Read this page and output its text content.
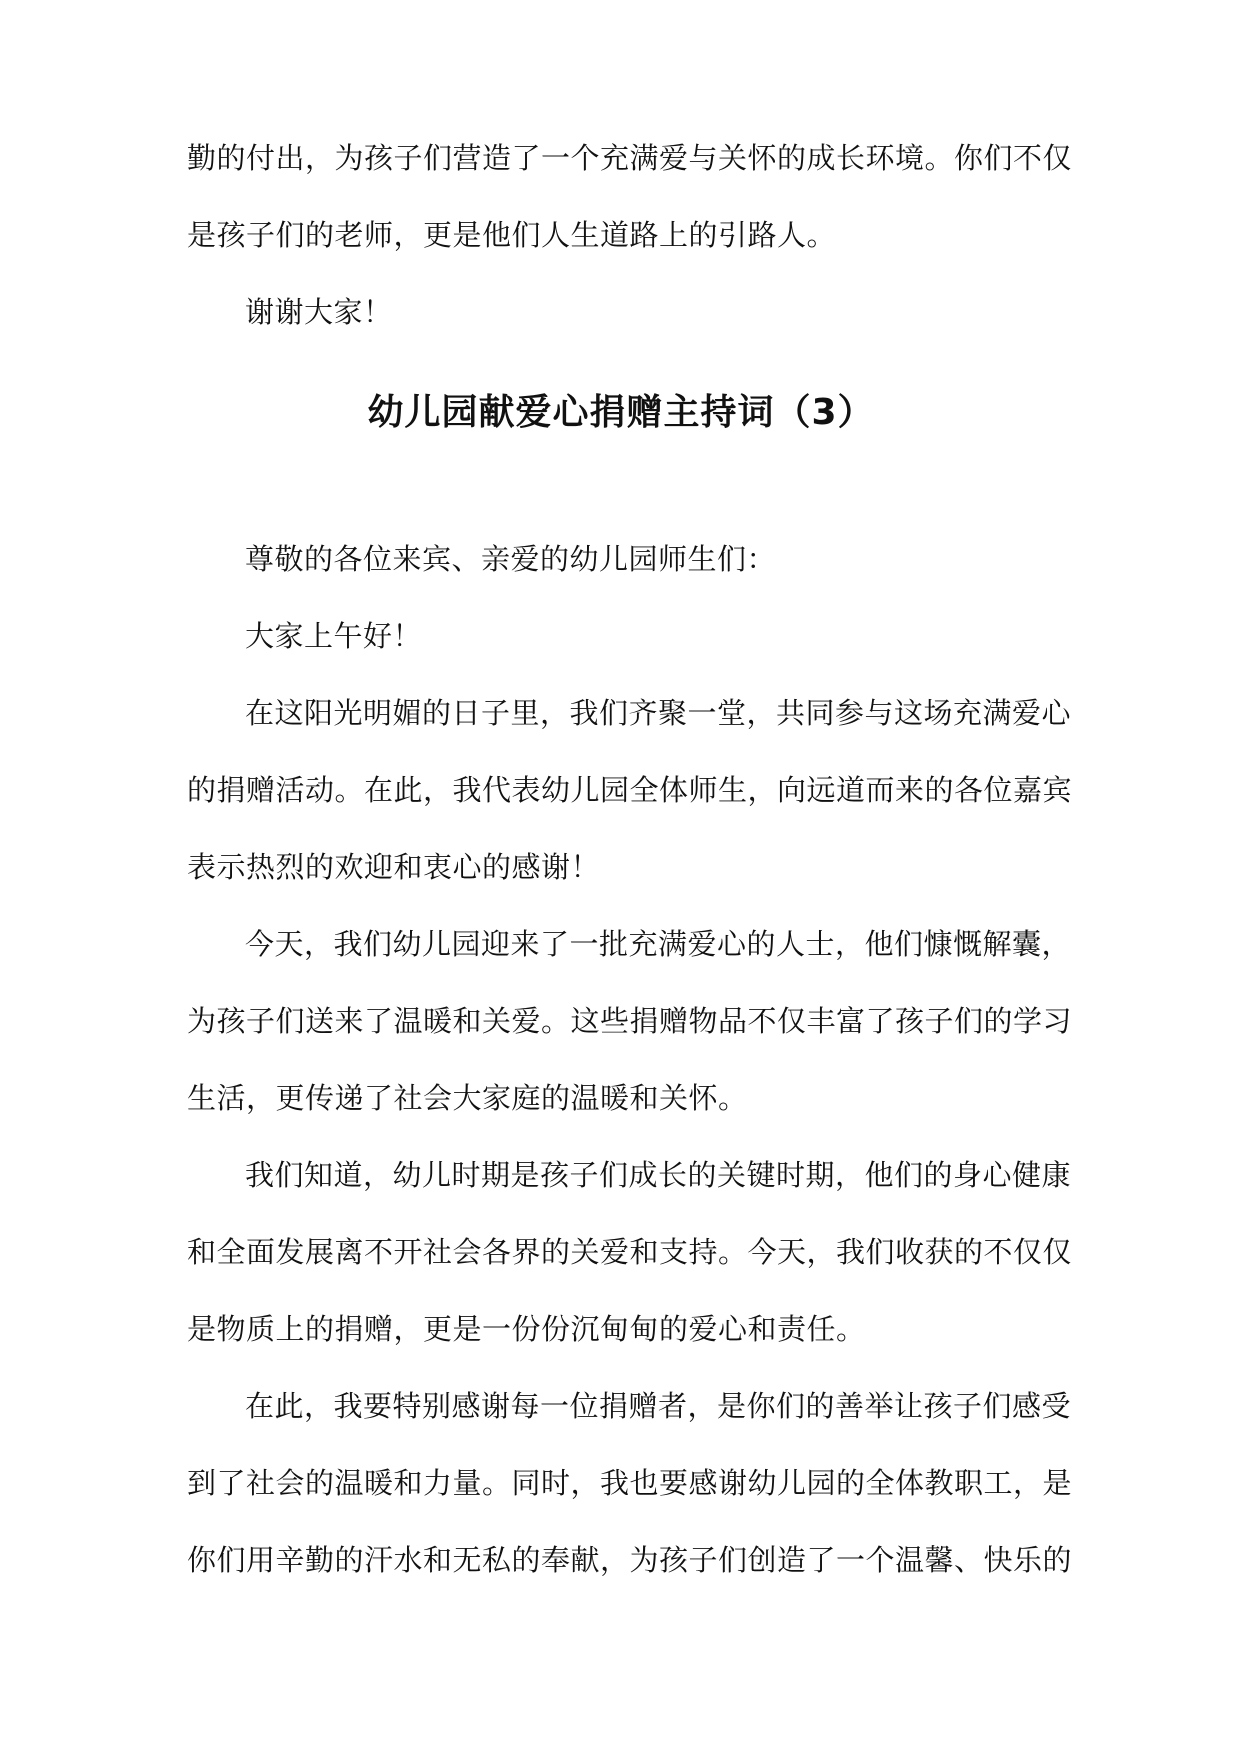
勤的付出，为孩子们营造了一个充满爱与关怀的成长环境。你们不仅
是孩子们的老师，更是他们人生道路上的引路人。
谢谢大家！
幼儿园献爱心捐赠主持词（3）
尊敬的各位来宾、亲爱的幼儿园师生们：
大家上午好！
在这阳光明媚的日子里，我们齐聚一堂，共同参与这场充满爱心
的捐赠活动。在此，我代表幼儿园全体师生，向远道而来的各位嘉宾
表示热烈的欢迎和衷心的感谢！
今天，我们幼儿园迎来了一批充满爱心的人士，他们慷慨解囊，
为孩子们送来了温暖和关爱。这些捐赠物品不仅丰富了孩子们的学习
生活，更传递了社会大家庭的温暖和关怀。
我们知道，幼儿时期是孩子们成长的关键时期，他们的身心健康
和全面发展离不开社会各界的关爱和支持。今天，我们收获的不仅仅
是物质上的捐赠，更是一份份沉甸甸的爱心和责任。
在此，我要特别感谢每一位捐赠者，是你们的善举让孩子们感受
到了社会的温暖和力量。同时，我也要感谢幼儿园的全体教职工，是
你们用辛勤的汗水和无私的奉献，为孩子们创造了一个温馨、快乐的
